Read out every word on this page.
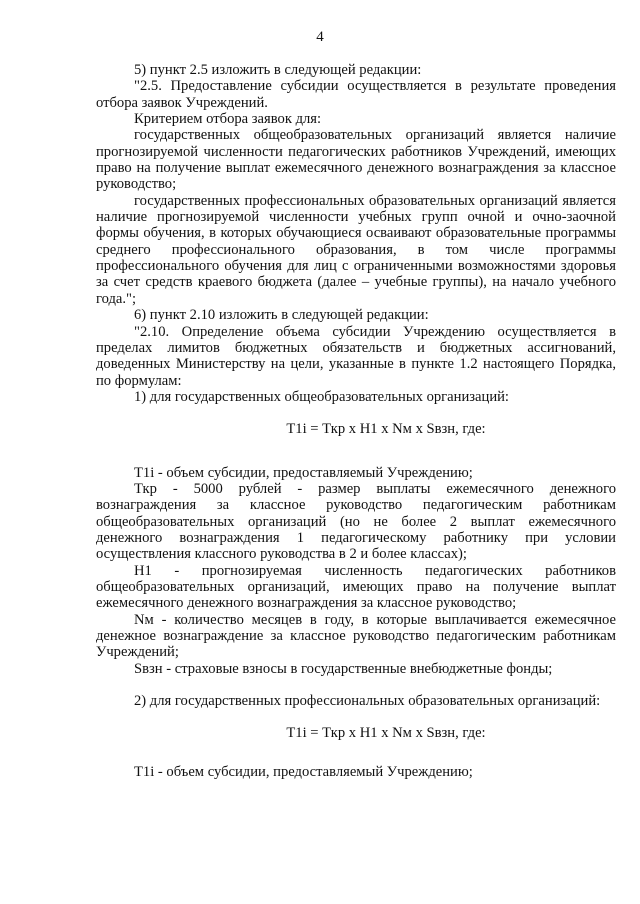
4

5) пункт 2.5 изложить в следующей редакции:

"2.5. Предоставление субсидии осуществляется в результате проведения отбора заявок Учреждений.

Критерием отбора заявок для:

государственных общеобразовательных организаций является наличие прогнозируемой численности педагогических работников Учреждений, имеющих право на получение выплат ежемесячного денежного вознаграждения за классное руководство;

государственных профессиональных образовательных организаций является наличие прогнозируемой численности учебных групп очной и очно-заочной формы обучения, в которых обучающиеся осваивают образовательные программы среднего профессионального образования, в том числе программы профессионального обучения для лиц с ограниченными возможностями здоровья за счет средств краевого бюджета (далее – учебные группы), на начало учебного года.";

6) пункт 2.10 изложить в следующей редакции:

"2.10. Определение объема субсидии Учреждению осуществляется в пределах лимитов бюджетных обязательств и бюджетных ассигнований, доведенных Министерству на цели, указанные в пункте 1.2 настоящего Порядка, по формулам:

1) для государственных общеобразовательных организаций:

Т1i = Ткр x Н1 x Nм x Sвзн, где:

Т1i - объем субсидии, предоставляемый Учреждению;

Ткр - 5000 рублей - размер выплаты ежемесячного денежного вознаграждения за классное руководство педагогическим работникам общеобразовательных организаций (но не более 2 выплат ежемесячного денежного вознаграждения 1 педагогическому работнику при условии осуществления классного руководства в 2 и более классах);

Н1 - прогнозируемая численность педагогических работников общеобразовательных организаций, имеющих право на получение выплат ежемесячного денежного вознаграждения за классное руководство;

Nм - количество месяцев в году, в которые выплачивается ежемесячное денежное вознаграждение за классное руководство педагогическим работникам Учреждений;

Sвзн - страховые взносы в государственные внебюджетные фонды;

2) для государственных профессиональных образовательных организаций:

Т1i = Ткр x Н1 x Nм x Sвзн, где:

Т1i - объем субсидии, предоставляемый Учреждению;
